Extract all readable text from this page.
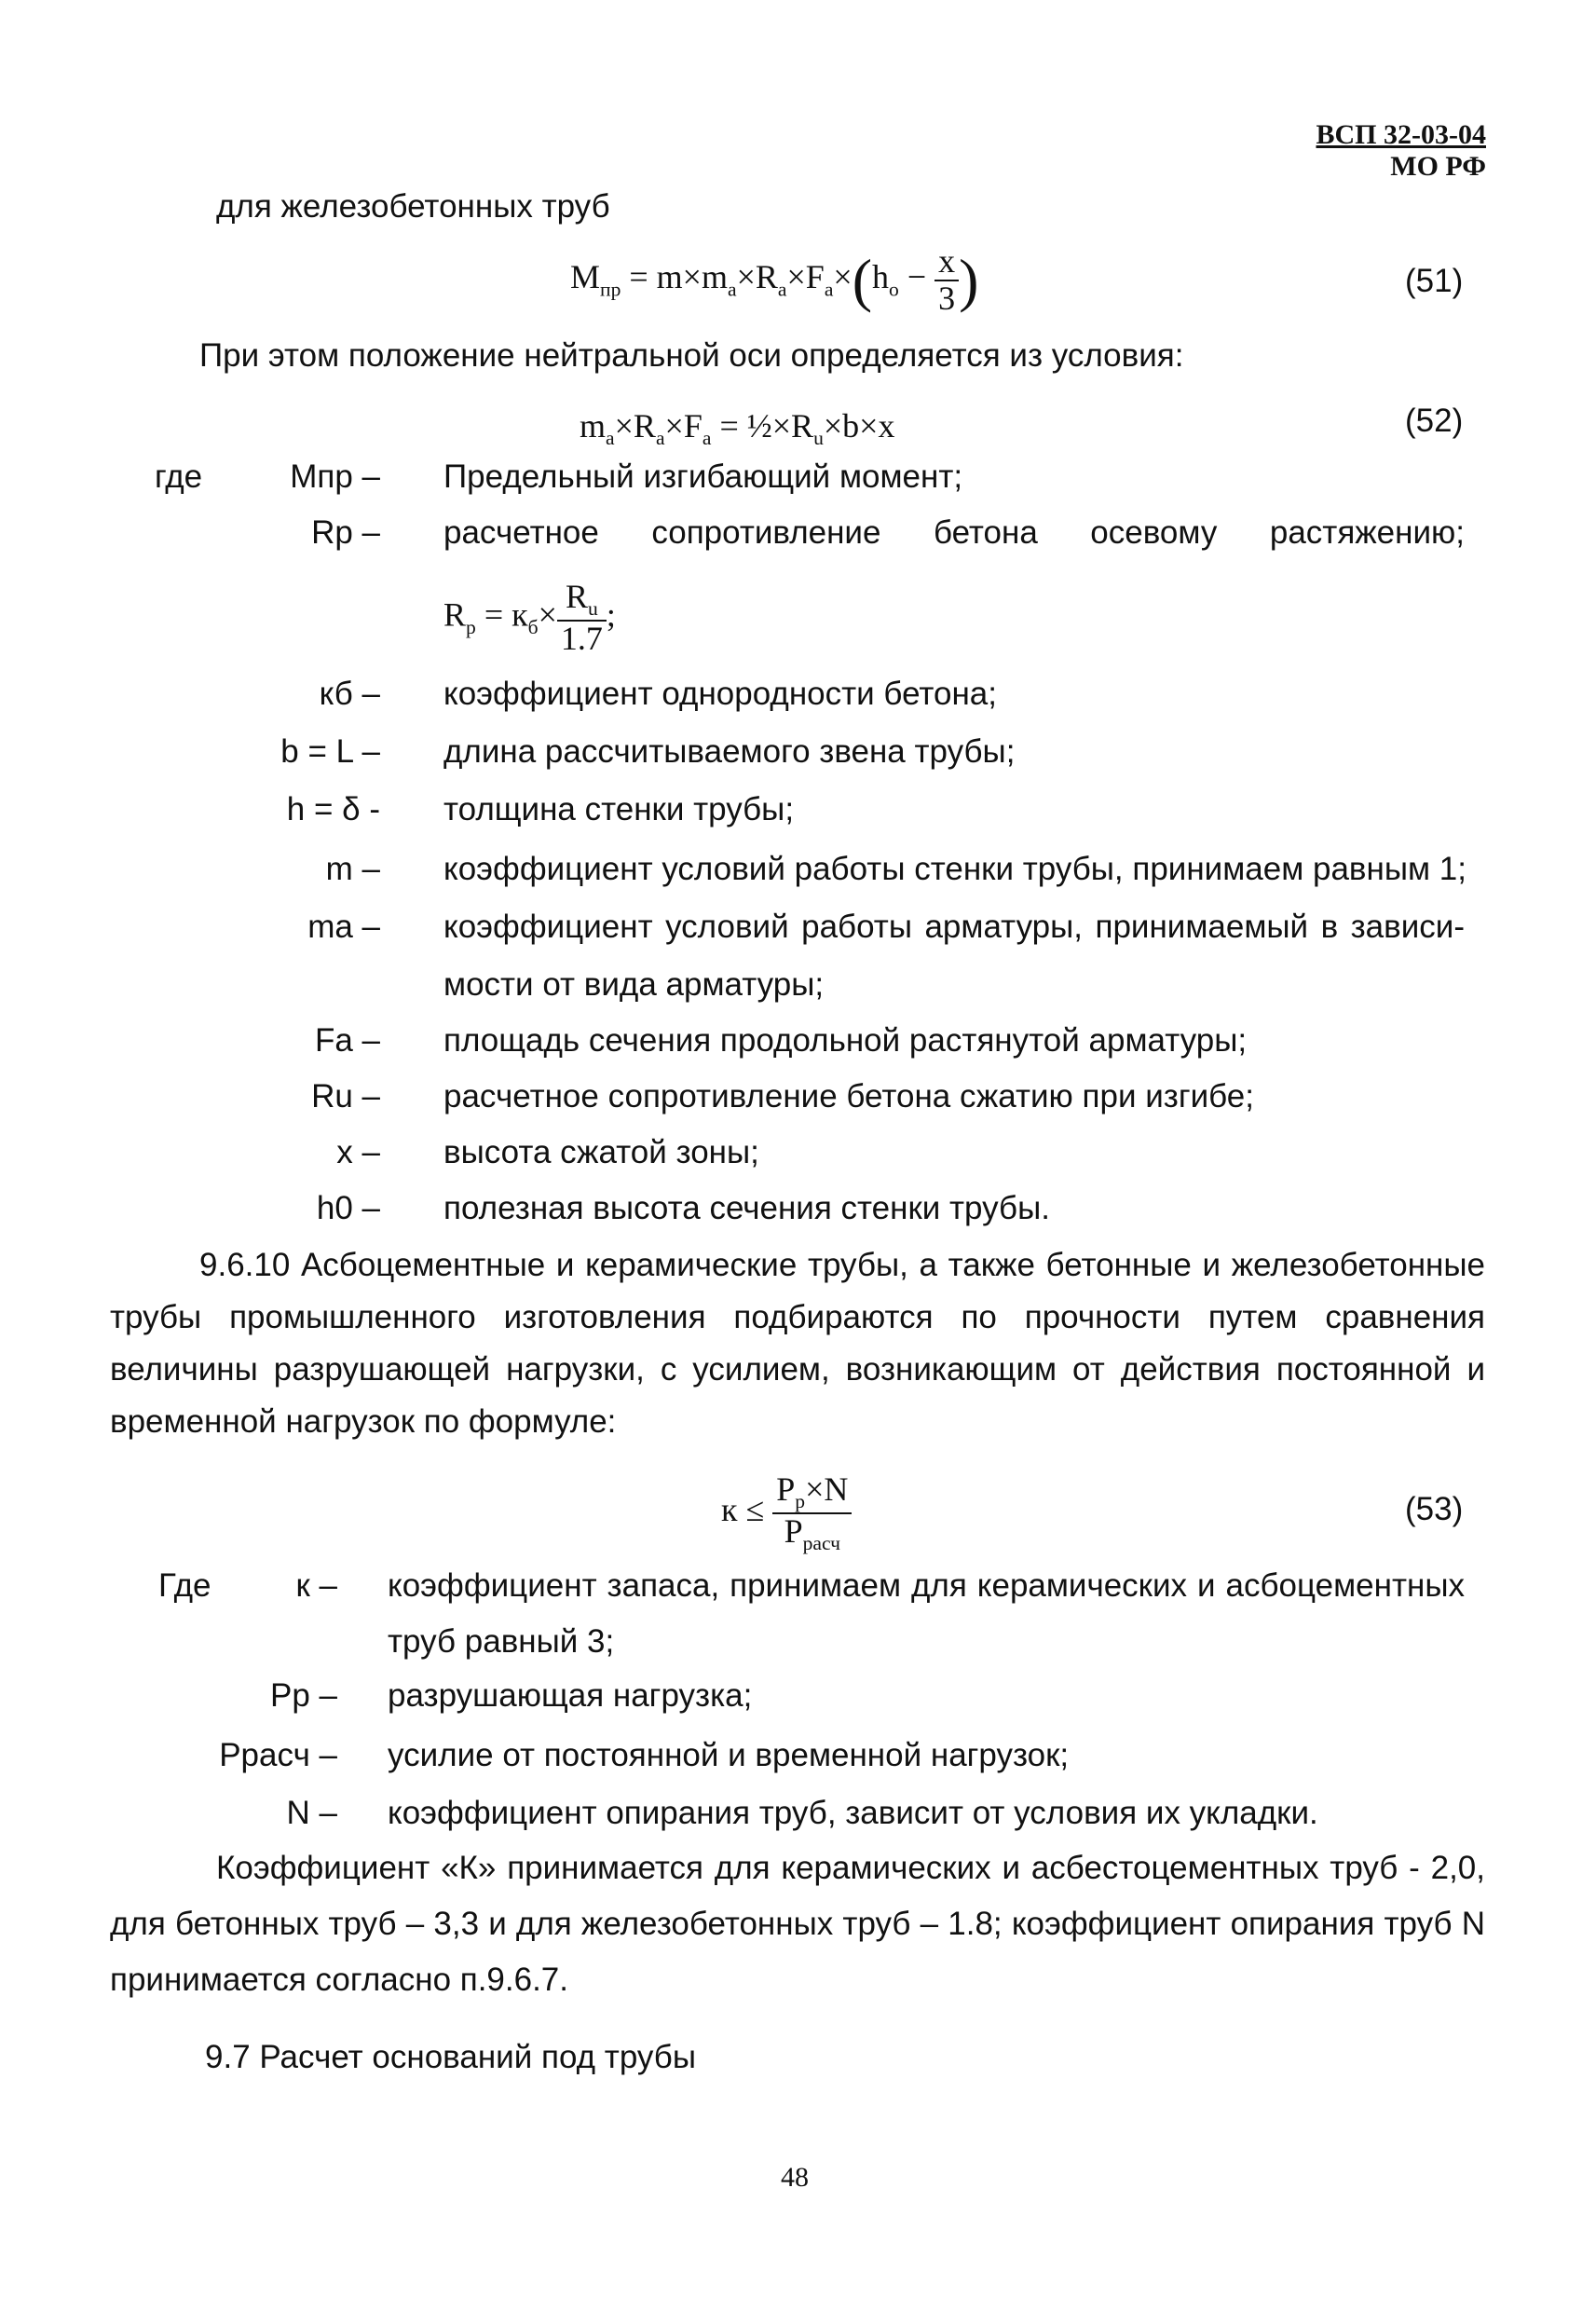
ВСП 32-03-04
МО РФ
для железобетонных труб
$M_{пр} = m\times m_а\times R_а\times F_а\times(h_о - \frac{x}{3}$ )	(51)
При этом положение нейтральной оси определяется из условия:
$m_а\times R_а\times F_а$ = $\frac{1}{2}\times R_u\times b\times x$	(52)
где	Mпр – Предельный изгибающий момент;
Rр – расчетное сопротивление бетона осевому растяжению;
$R_р = к_б\times \frac{R_u}{1.7}$ ;
кб – коэффициент однородности бетона;
b = L – длина рассчитываемого звена трубы;
h = δ - толщина стенки трубы;
m – коэффициент условий работы стенки трубы, принимаем равным 1;
mа – коэффициент условий работы арматуры, принимаемый в зависи-
мости от вида арматуры;
Fа – площадь сечения продольной растянутой арматуры;
Ru – расчетное сопротивление бетона сжатию при изгибе;
x – высота сжатой зоны;
h0 – полезная высота сечения стенки трубы.
9.6.10 Асбоцементные и керамические трубы, а также бетонные и железобетонные трубы промышленного изготовления подбираются по прочности путем сравнения величины разрушающей нагрузки, с усилием, возникающим от действия постоянной и временной нагрузок по формуле:
$к \le \frac{P_р\times N}{P_{расч}}$	(53)
Где	к – коэффициент запаса, принимаем для керамических и асбоцементных
труб равный 3;
Pр – разрушающая нагрузка;
Pрасч – усилие от постоянной и временной нагрузок;
N – коэффициент опирания труб, зависит от условия их укладки.
Коэффициент «К» принимается для керамических и асбестоцементных труб - 2,0, для бетонных труб – 3,3 и для железобетонных труб – 1.8; коэффициент опирания труб N принимается согласно п.9.6.7.
9.7 Расчет оснований под трубы
48
